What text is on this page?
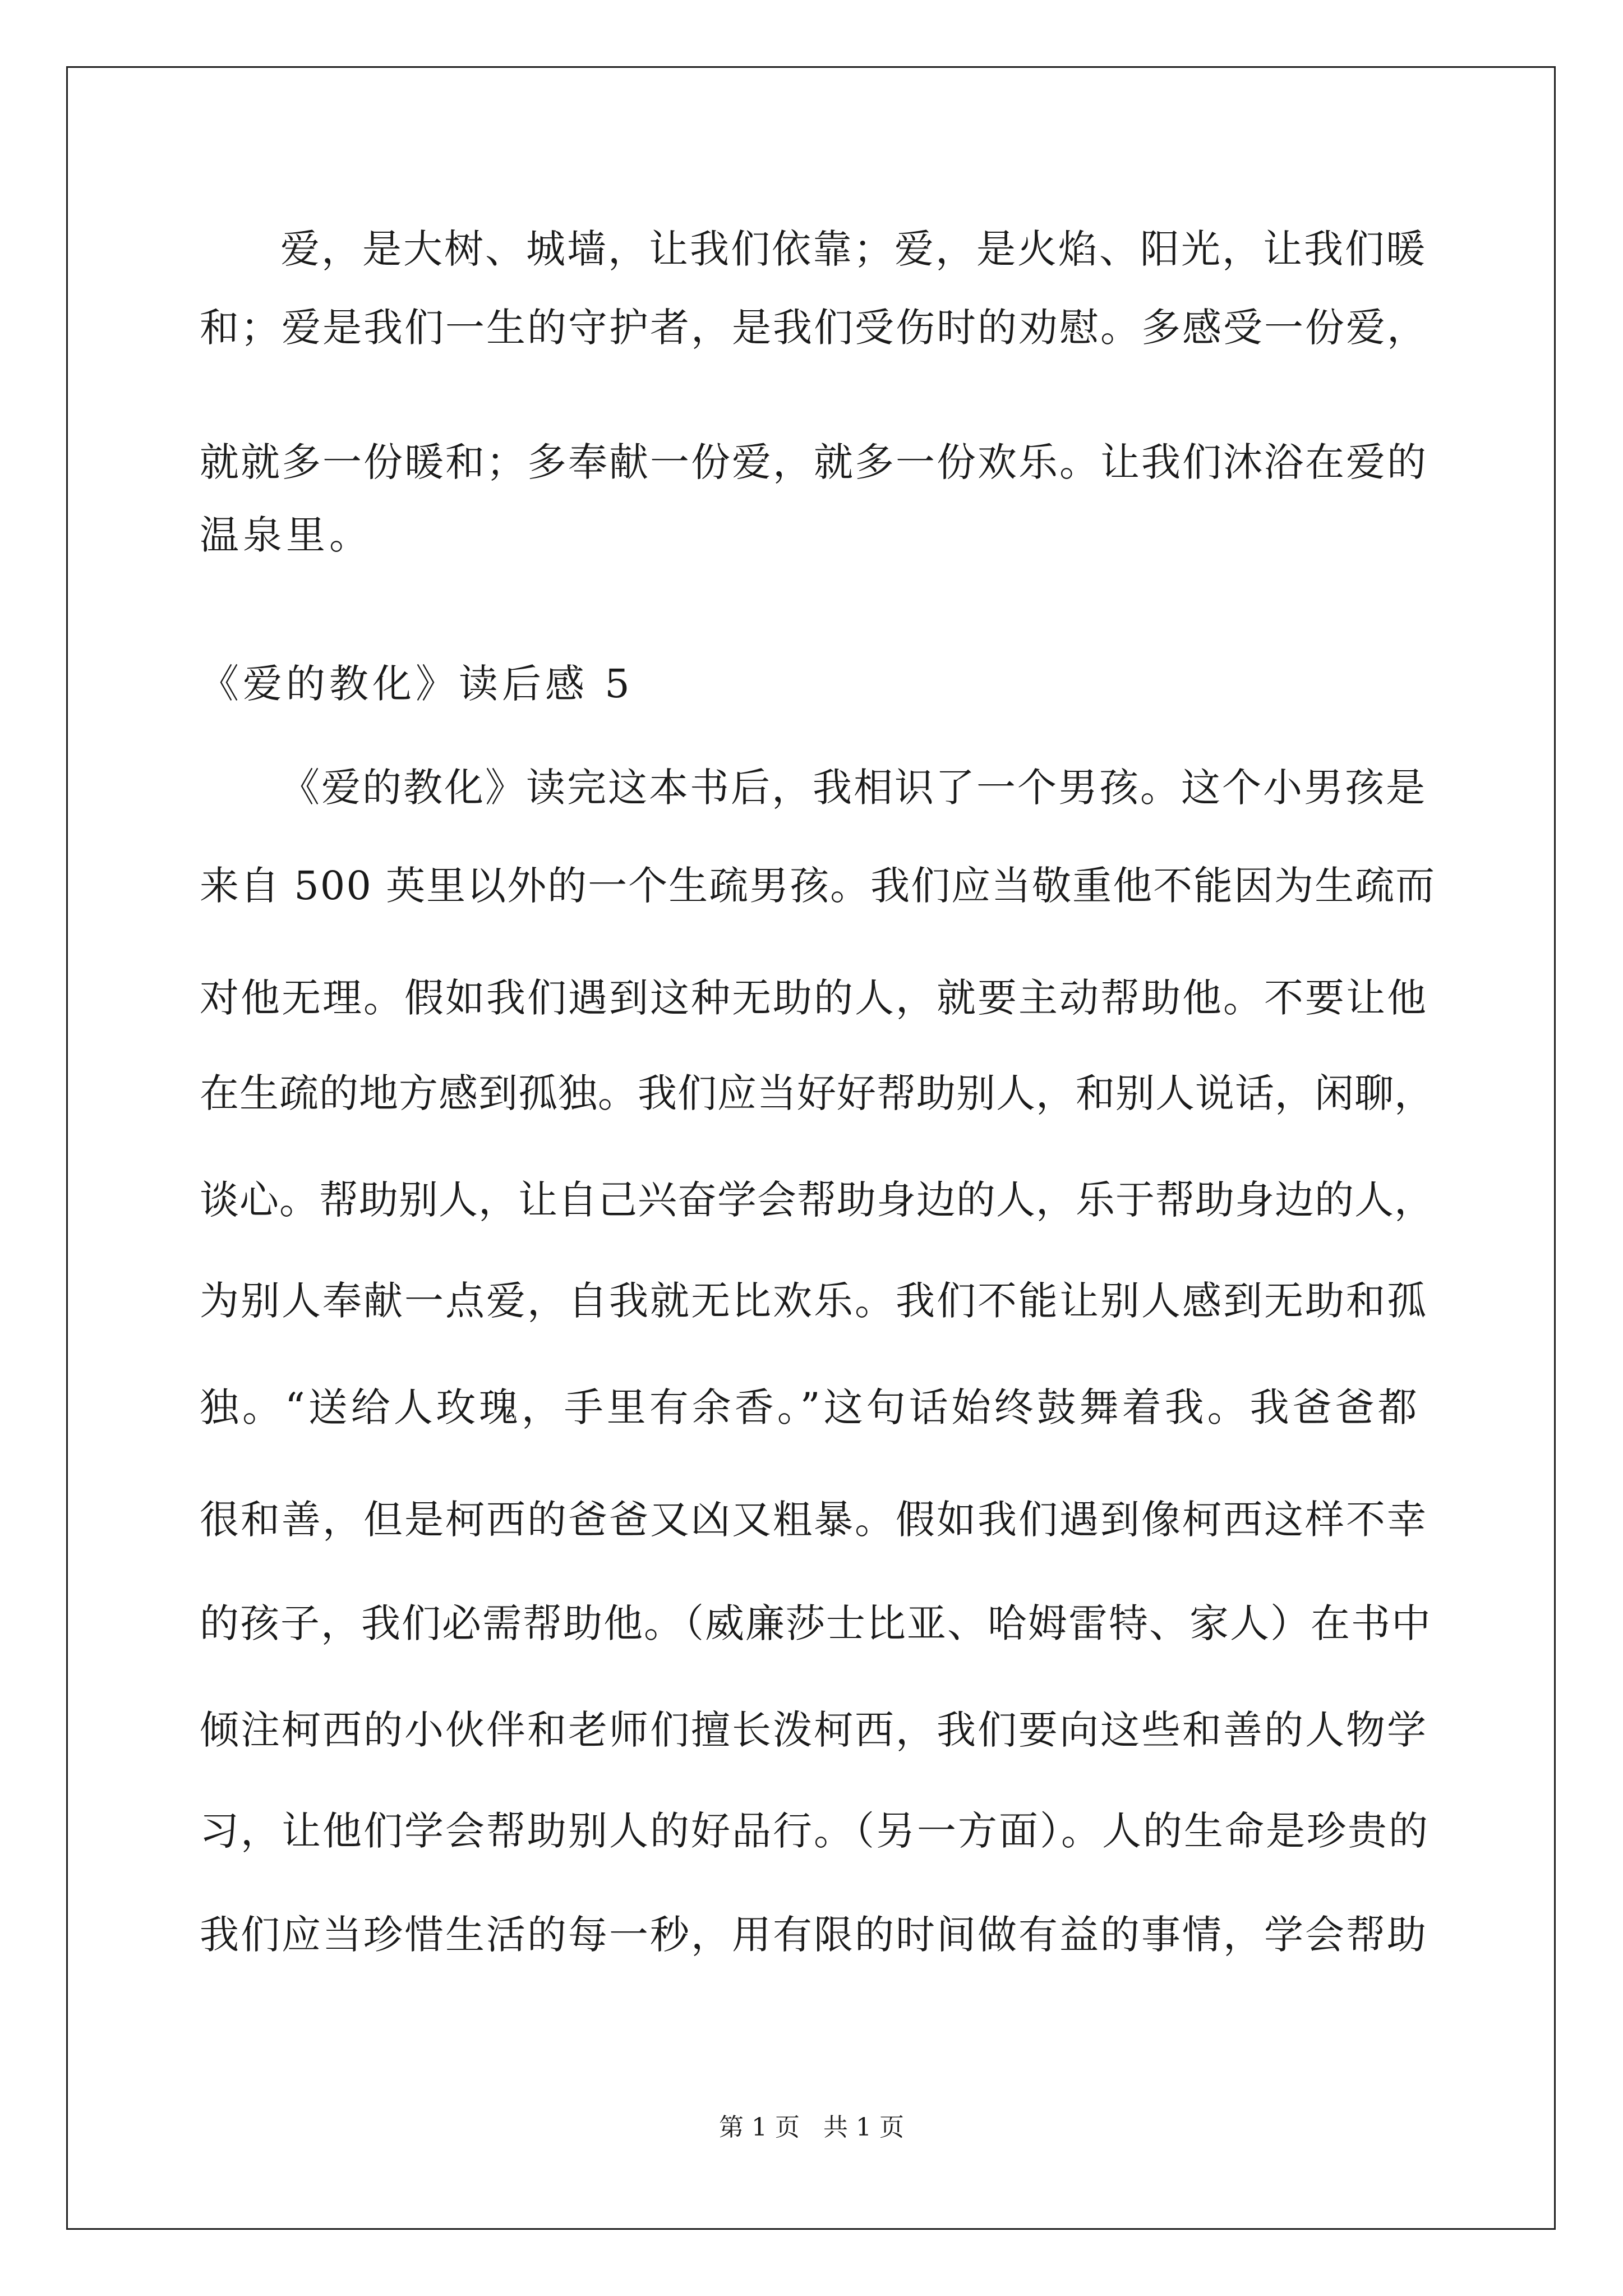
爱，是大树、城墙，让我们依靠；爱，是火焰、阳光，让我们暖
和；爱是我们一生的守护者，是我们受伤时的劝慰。多感受一份爱，
就就多一份暖和；多奉献一份爱，就多一份欢乐。让我们沐浴在爱的
温泉里。
《爱的教化》读后感 5
《爱的教化》读完这本书后，我相识了一个男孩。这个小男孩是
来自 500 英里以外的一个生疏男孩。我们应当敬重他不能因为生疏而
对他无理。假如我们遇到这种无助的人，就要主动帮助他。不要让他
在生疏的地方感到孤独。我们应当好好帮助别人，和别人说话，闲聊，
谈心。帮助别人，让自己兴奋学会帮助身边的人，乐于帮助身边的人，
为别人奉献一点爱，自我就无比欢乐。我们不能让别人感到无助和孤
独。“送给人玫瑰，手里有余香。”这句话始终鼓舞着我。我爸爸都
很和善，但是柯西的爸爸又凶又粗暴。假如我们遇到像柯西这样不幸
的孩子，我们必需帮助他。（威廉莎士比亚、哈姆雷特、家人）在书中
倾注柯西的小伙伴和老师们擅长泼柯西，我们要向这些和善的人物学
习，让他们学会帮助别人的好品行。（另一方面）。人的生命是珍贵的
我们应当珍惜生活的每一秒，用有限的时间做有益的事情，学会帮助
第 1 页   共 1 页
